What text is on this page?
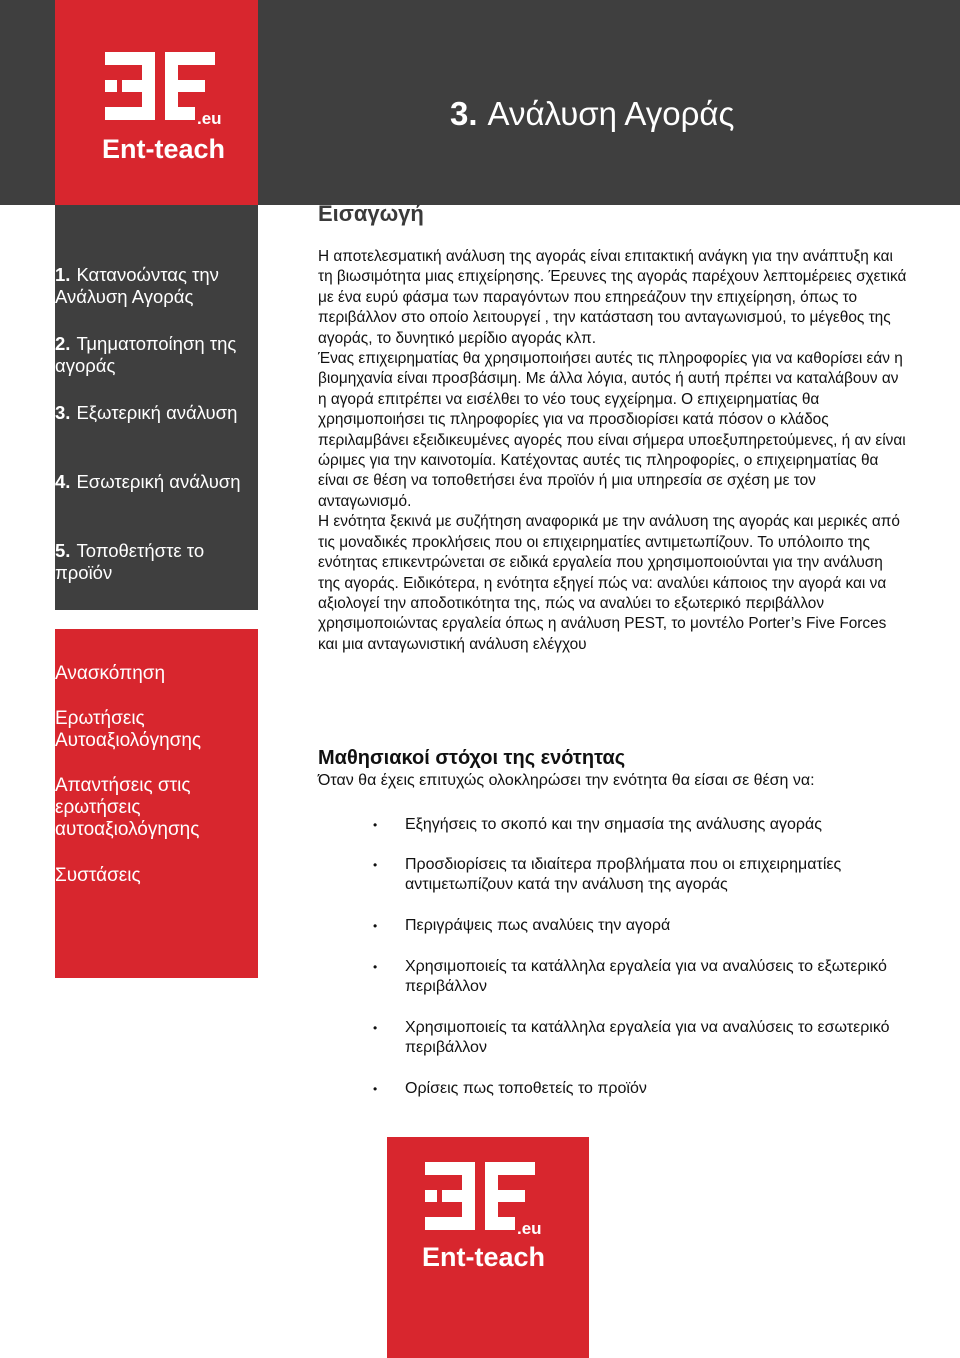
.eu
Ent-teach
3. Ανάλυση Αγοράς
1. Κατανοώντας την Ανάλυση Αγοράς
2. Τμηματοποίηση της αγοράς
3. Εξωτερική ανάλυση
4. Εσωτερική ανάλυση
5. Τοποθετήστε το προϊόν
Ανασκόπηση
Ερωτήσεις Αυτοαξιολόγησης
Απαντήσεις στις ερωτήσεις αυτοαξιολόγησης
Συστάσεις
Εισαγωγή

Η αποτελεσματική ανάλυση της αγοράς είναι επιτακτική ανάγκη για την ανάπτυξη και τη βιωσιμότητα μιας επιχείρησης. Έρευνες της αγοράς παρέχουν λεπτομέρειες σχετικά με ένα ευρύ φάσμα των παραγόντων που επηρεάζουν την επιχείρηση, όπως το περιβάλλον στο οποίο λειτουργεί , την κατάσταση του ανταγωνισμού, το μέγεθος της αγοράς, το δυνητικό μερίδιο αγοράς κλπ.

Ένας επιχειρηματίας θα χρησιμοποιήσει αυτές τις πληροφορίες για να καθορίσει εάν η βιομηχανία είναι προσβάσιμη. Με άλλα λόγια, αυτός ή αυτή πρέπει να καταλάβουν αν η αγορά επιτρέπει να εισέλθει το νέο τους εγχείρημα. Ο επιχειρηματίας θα χρησιμοποιήσει τις πληροφορίες για να προσδιορίσει κατά πόσον ο κλάδος περιλαμβάνει εξειδικευμένες αγορές που είναι σήμερα υποεξυπηρετούμενες, ή αν είναι ώριμες για την καινοτομία. Κατέχοντας αυτές τις πληροφορίες, ο επιχειρηματίας θα είναι σε θέση να τοποθετήσει ένα προϊόν ή μια υπηρεσία σε σχέση με τον ανταγωνισμό.

Η ενότητα ξεκινά με συζήτηση αναφορικά με την ανάλυση της αγοράς και μερικές από τις μοναδικές προκλήσεις που οι επιχειρηματίες αντιμετωπίζουν. Το υπόλοιπο της ενότητας επικεντρώνεται σε ειδικά εργαλεία που χρησιμοποιούνται για την ανάλυση της αγοράς. Ειδικότερα, η ενότητα εξηγεί πώς να: αναλύει κάποιος την αγορά και να αξιολογεί την αποδοτικότητα της, πώς να αναλύει το εξωτερικό περιβάλλον χρησιμοποιώντας εργαλεία όπως η ανάλυση PEST, το μοντέλο Porter’s Five Forces και μια ανταγωνιστική ανάλυση ελέγχου

Μαθησιακοί στόχοι της ενότητας
Όταν θα έχεις επιτυχώς ολοκληρώσει την ενότητα θα είσαι σε θέση να:
• Εξηγήσεις το σκοπό και την σημασία της ανάλυσης αγοράς
• Προσδιορίσεις τα ιδιαίτερα προβλήματα που οι επιχειρηματίες αντιμετωπίζουν κατά την ανάλυση της αγοράς
• Περιγράψεις πως αναλύεις την αγορά
• Χρησιμοποιείς τα κατάλληλα εργαλεία για να αναλύσεις το εξωτερικό περιβάλλον
• Χρησιμοποιείς τα κατάλληλα εργαλεία για να αναλύσεις το εσωτερικό περιβάλλον
• Ορίσεις πως τοποθετείς το προϊόν
.eu
Ent-teach
